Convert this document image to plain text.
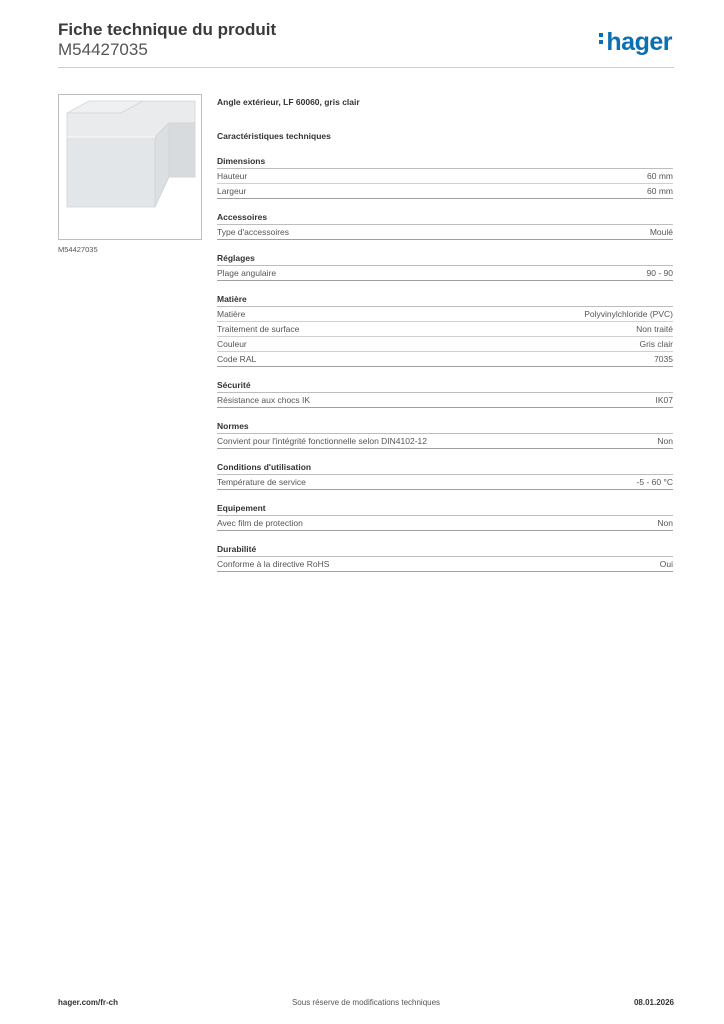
Fiche technique du produit
M54427035	hager
M54427035
Angle extérieur, LF 60060, gris clair
Caractéristiques techniques
Dimensions
Hauteur	60 mm
Largeur	60 mm
Accessoires
Type d'accessoires	Moulé
Réglages
Plage angulaire	90 - 90
Matière
Matière	Polyvinylchloride (PVC)
Traitement de surface	Non traité
Couleur	Gris clair
Code RAL	7035
Sécurité
Résistance aux chocs IK	IK07
Normes
Convient pour l'intégrité fonctionnelle selon DIN4102-12	Non
Conditions d'utilisation
Température de service	-5 - 60 °C
Equipement
Avec film de protection	Non
Durabilité
Conforme à la directive RoHS	Oui
hager.com/fr-ch	Sous réserve de modifications techniques	08.01.2026
